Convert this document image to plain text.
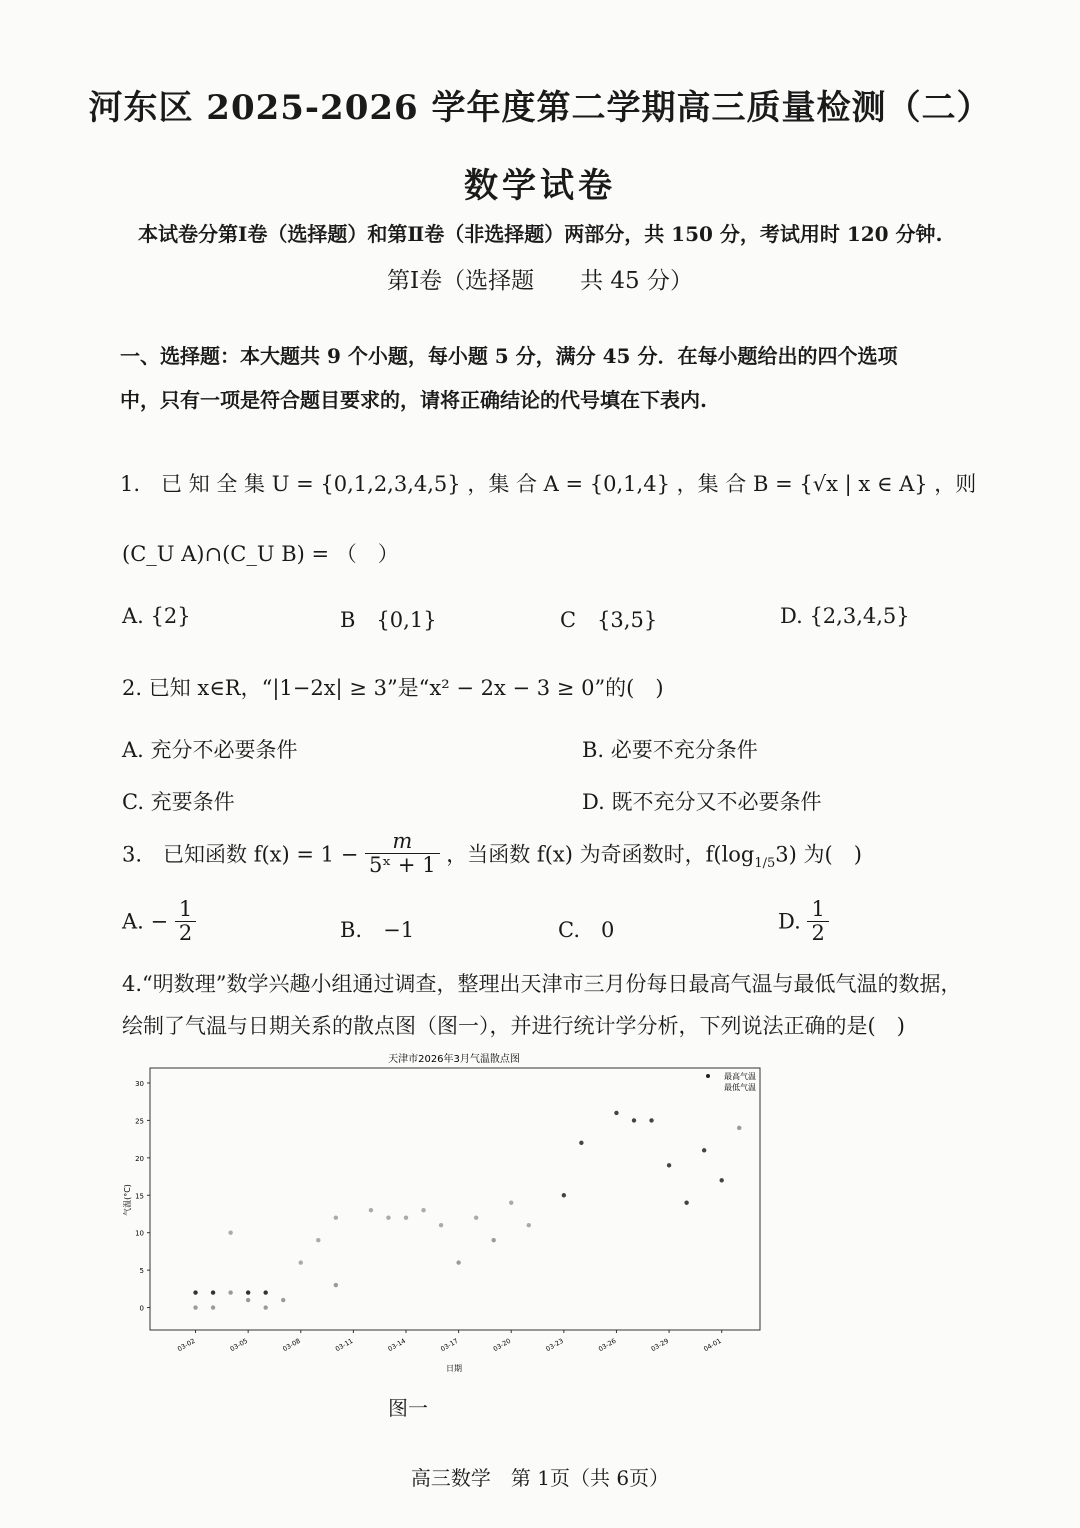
河东区 2025-2026 学年度第二学期高三质量检测（二）
数学试卷
本试卷分第Ⅰ卷（选择题）和第Ⅱ卷（非选择题）两部分，共 150 分，考试用时 120 分钟.
第Ⅰ卷（选择题　　共 45 分）
一、选择题：本大题共 9 个小题，每小题 5 分，满分 45 分．在每小题给出的四个选项
中，只有一项是符合题目要求的，请将正确结论的代号填在下表内.
1.　已 知 全 集 U = {0,1,2,3,4,5} ，集 合 A = {0,1,4} ，集 合 B = {√x | x ∈ A} ，则
(C_U A)∩(C_U B) = （　）
A. {2}	B　{0,1}	C　{3,5}	D. {2,3,4,5}
2. 已知 x∈R，“|1−2x| ≥ 3”是“x² − 2x − 3 ≥ 0”的(　)
A. 充分不必要条件	B. 必要不充分条件
C. 充要条件	D. 既不充分又不必要条件
3.　已知函数 $f(x) = 1 - \frac{m}{\text{5ˣ + 1}}$ ，当函数 f(x) 为奇函数时，$f(\log_{1/5}3)$ 为(　)
A. − $\frac{1}{2}$	B.　−1	C.　0	D. $\frac{1}{2}$
4.“明数理”数学兴趣小组通过调查，整理出天津市三月份每日最高气温与最低气温的数据，
绘制了气温与日期关系的散点图（图一），并进行统计学分析，下列说法正确的是(　)
天津市2026年3月气温散点图
0
5
10
15
20
25
30
03-02	03-05	03-08	03-11	03-14	03-17	03-20	03-23	03-26	03-29	04-01
最高气温
最低气温
日期
气温(°C)
图一
高三数学　第 1页（共 6页）
